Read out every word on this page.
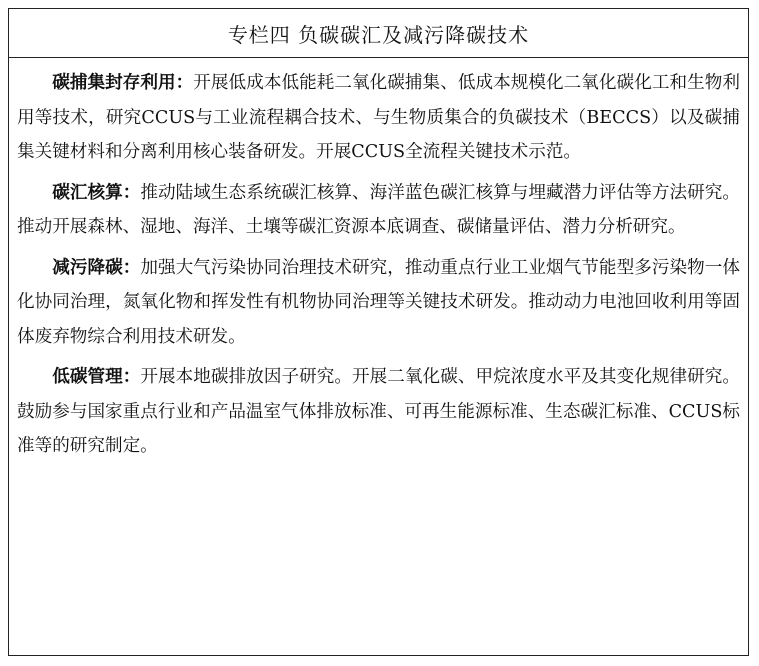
专栏四 负碳碳汇及减污降碳技术

碳捕集封存利用：开展低成本低能耗二氧化碳捕集、低成本规模化二氧化碳化工和生物利用等技术，研究CCUS与工业流程耦合技术、与生物质集合的负碳技术（BECCS）以及碳捕集关键材料和分离利用核心装备研发。开展CCUS全流程关键技术示范。

碳汇核算：推动陆域生态系统碳汇核算、海洋蓝色碳汇核算与埋藏潜力评估等方法研究。推动开展森林、湿地、海洋、土壤等碳汇资源本底调查、碳储量评估、潜力分析研究。

减污降碳：加强大气污染协同治理技术研究，推动重点行业工业烟气节能型多污染物一体化协同治理，氮氧化物和挥发性有机物协同治理等关键技术研发。推动动力电池回收利用等固体废弃物综合利用技术研发。

低碳管理：开展本地碳排放因子研究。开展二氧化碳、甲烷浓度水平及其变化规律研究。鼓励参与国家重点行业和产品温室气体排放标准、可再生能源标准、生态碳汇标准、CCUS标准等的研究制定。
